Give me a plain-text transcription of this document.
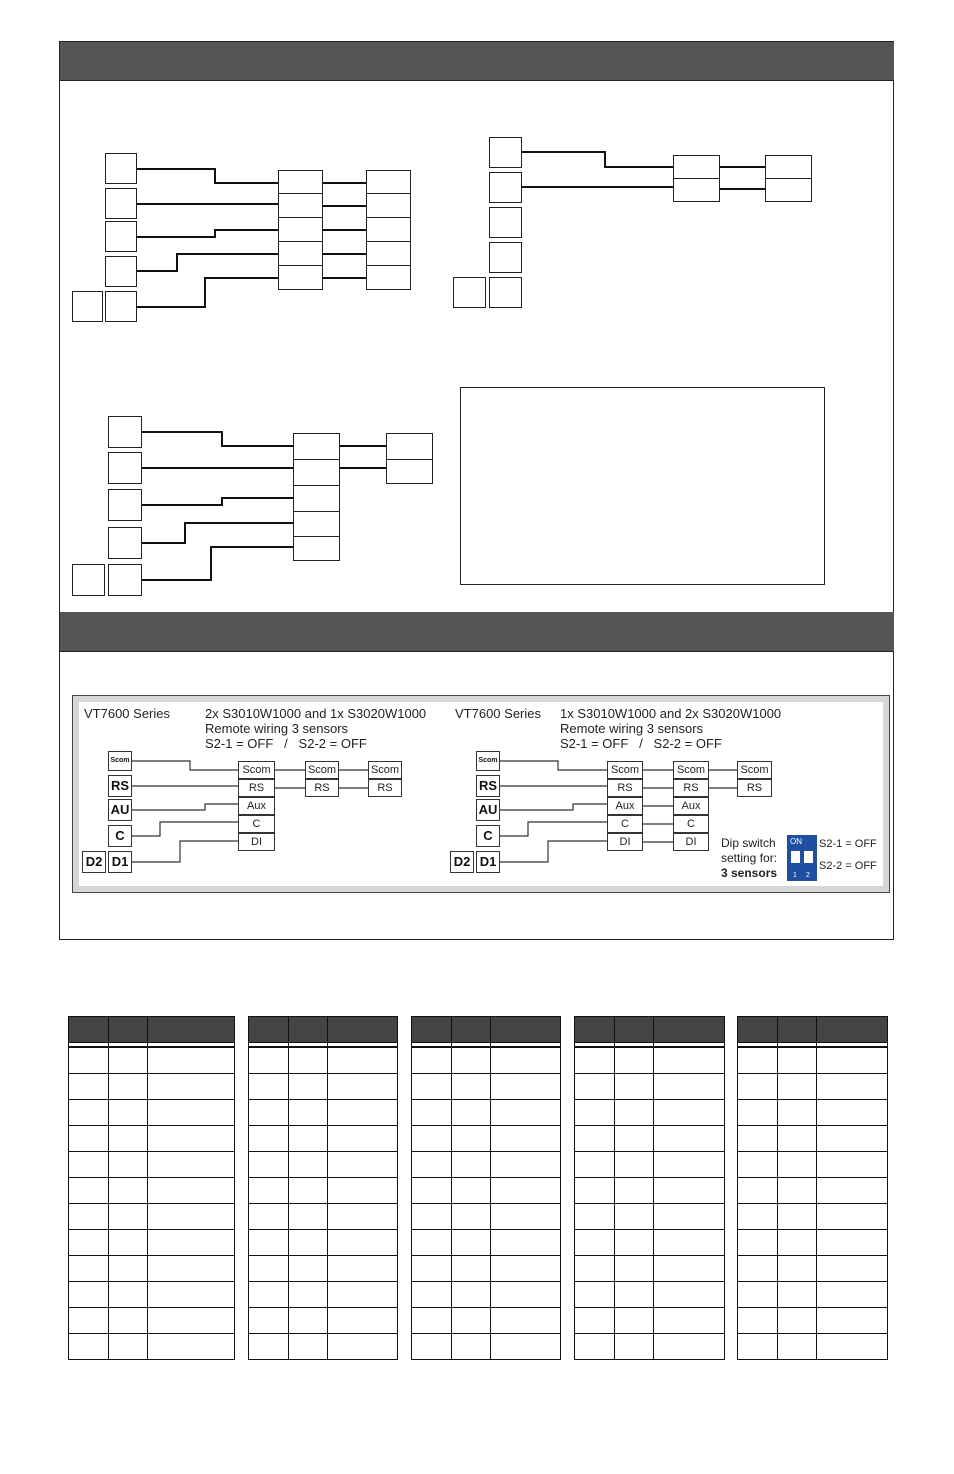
VT7600 Series	2x S3010W1000 and 1x S3020W1000
Remote wiring 3 sensors
S2-1 = OFF   /   S2-2 = OFF
VT7600 Series 1x S3010W1000 and 2x S3020W1000
Remote wiring 3 sensors
S2-1 = OFF   /   S2-2 = OFF
Scom
RS
AU
C
D1
D2
Scom
RS
Aux
C
DI
Scom
RS
Scom
RS
Scom
RS
AU
C
D1
D2
Scom
RS
Aux
C
DI
Scom
RS
Aux
C
DI
Scom
RS
Dip switch
setting for:
3 sensors
ON
1 2
S2-1 = OFF
S2-2 = OFF
